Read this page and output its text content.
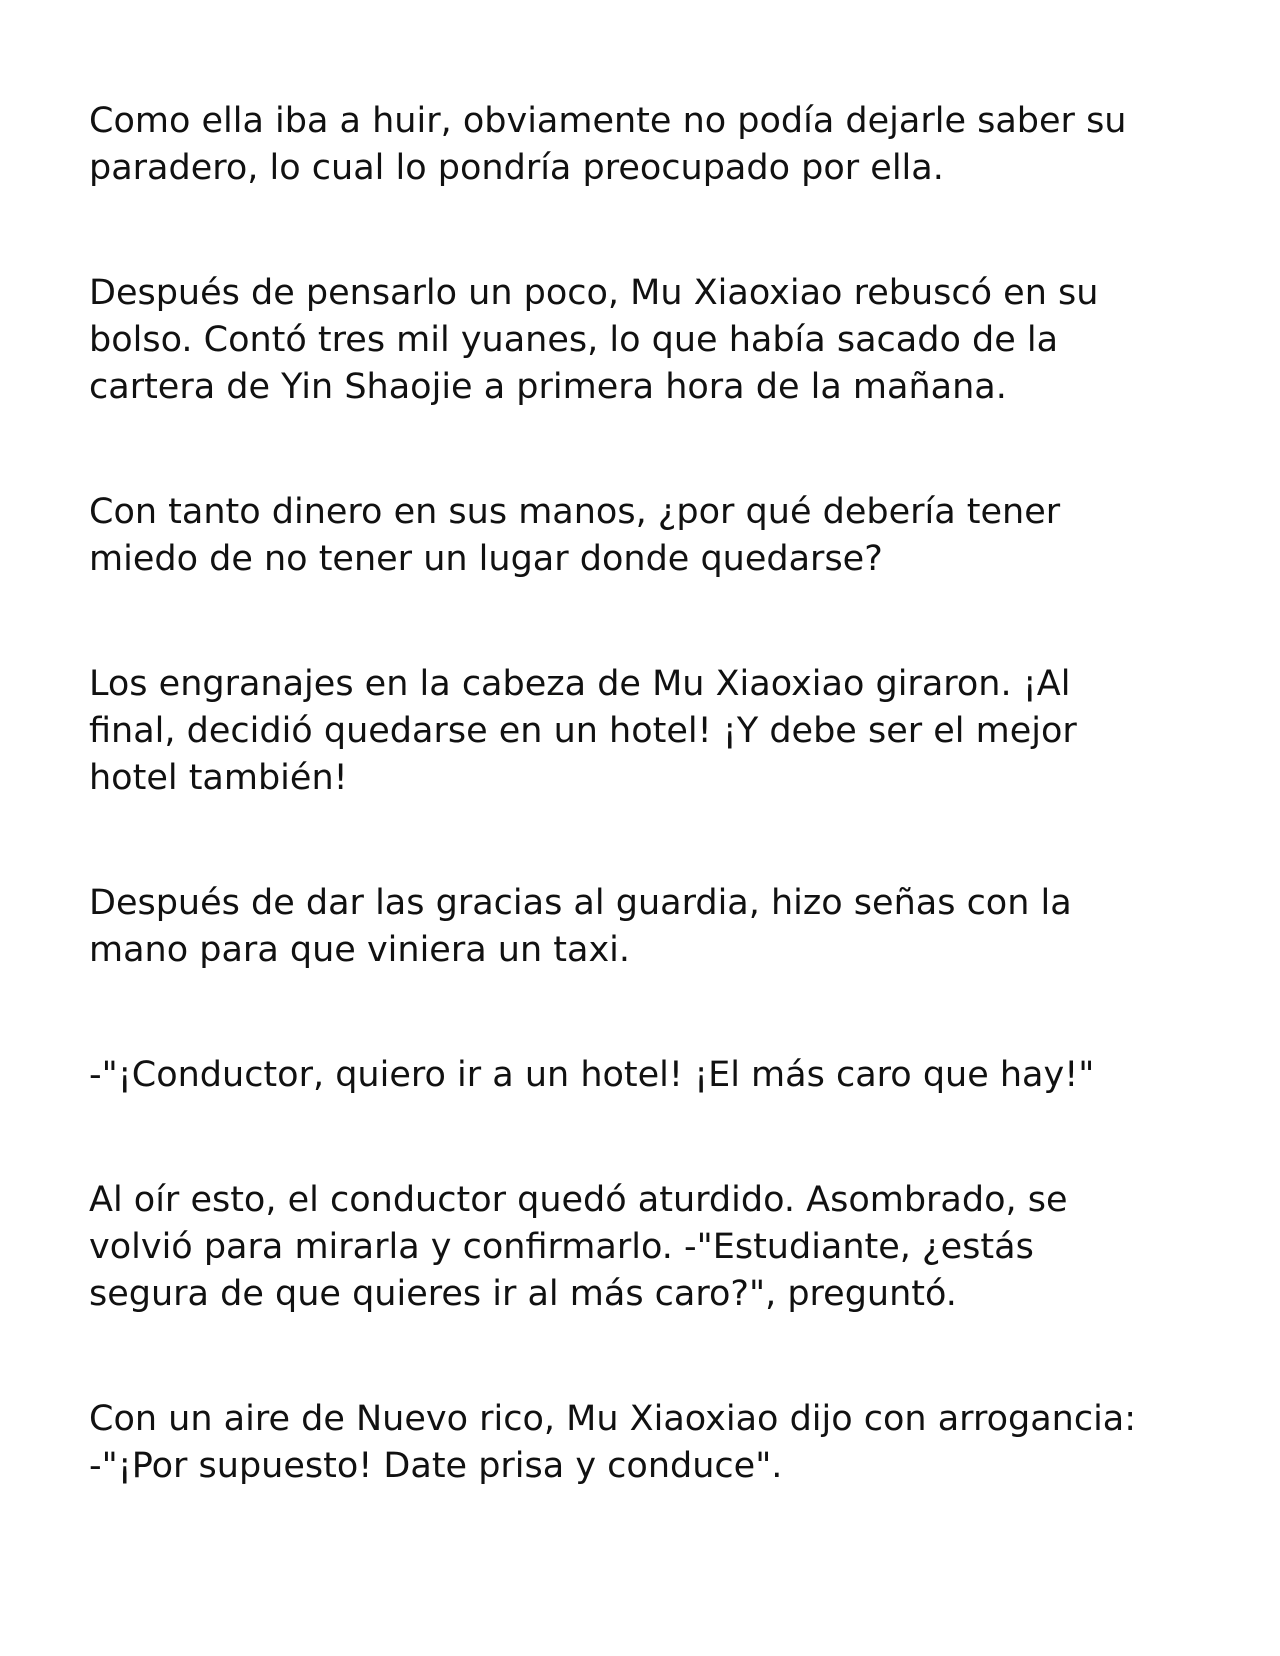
Como ella iba a huir, obviamente no podía dejarle saber su
paradero, lo cual lo pondría preocupado por ella.

Después de pensarlo un poco, Mu Xiaoxiao rebuscó en su
bolso. Contó tres mil yuanes, lo que había sacado de la
cartera de Yin Shaojie a primera hora de la mañana.

Con tanto dinero en sus manos, ¿por qué debería tener
miedo de no tener un lugar donde quedarse?

Los engranajes en la cabeza de Mu Xiaoxiao giraron. ¡Al
final, decidió quedarse en un hotel! ¡Y debe ser el mejor
hotel también!

Después de dar las gracias al guardia, hizo señas con la
mano para que viniera un taxi.

-"¡Conductor, quiero ir a un hotel! ¡El más caro que hay!"

Al oír esto, el conductor quedó aturdido. Asombrado, se
volvió para mirarla y confirmarlo. -"Estudiante, ¿estás
segura de que quieres ir al más caro?", preguntó.

Con un aire de Nuevo rico, Mu Xiaoxiao dijo con arrogancia:
-"¡Por supuesto! Date prisa y conduce".
